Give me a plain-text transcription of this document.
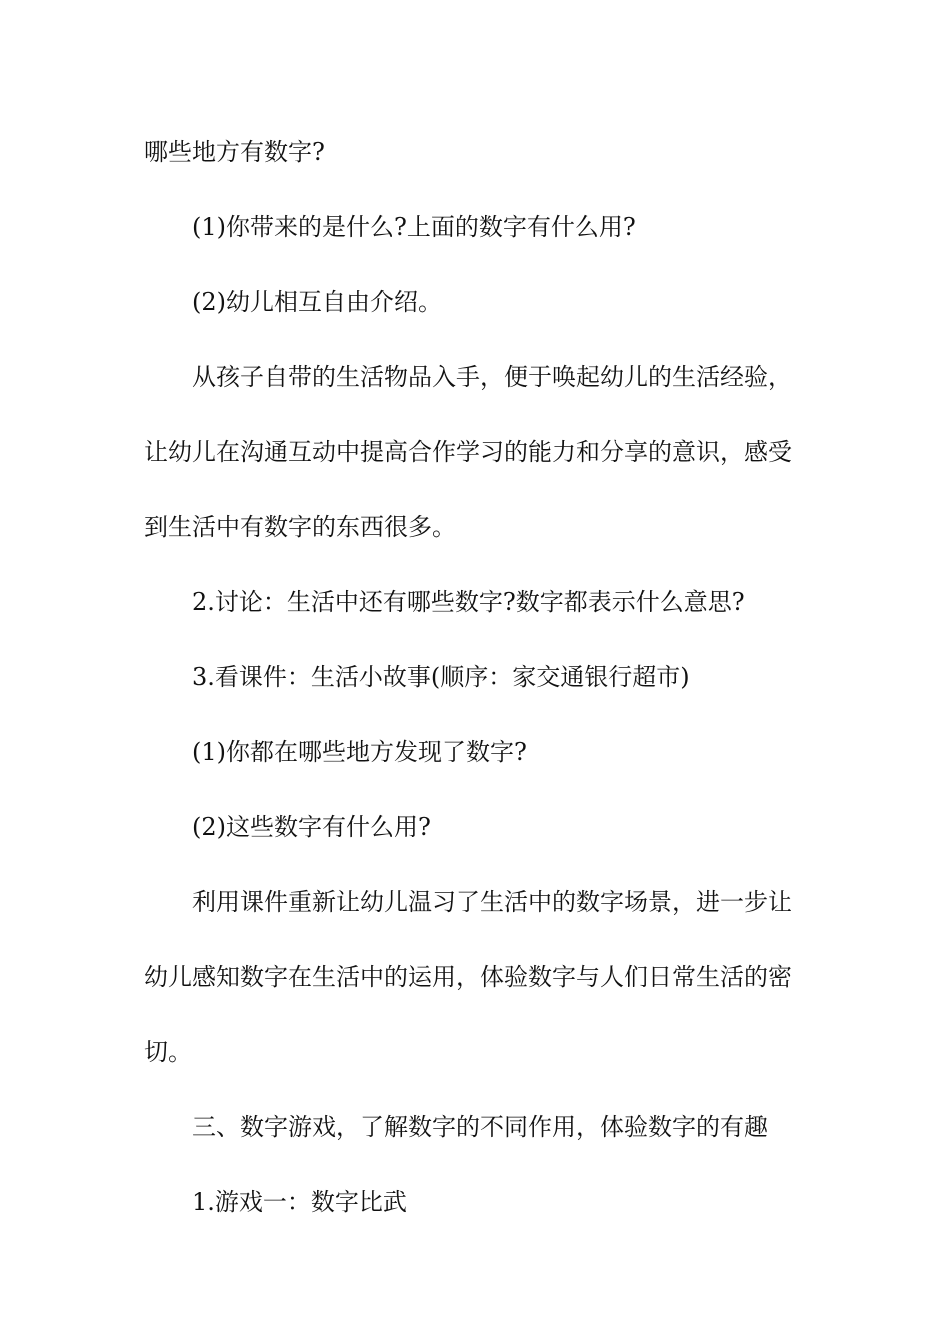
哪些地方有数字?

(1)你带来的是什么?上面的数字有什么用?

(2)幼儿相互自由介绍。

从孩子自带的生活物品入手，便于唤起幼儿的生活经验，

让幼儿在沟通互动中提高合作学习的能力和分享的意识，感受

到生活中有数字的东西很多。

2.讨论：生活中还有哪些数字?数字都表示什么意思?

3.看课件：生活小故事(顺序：家交通银行超市)

(1)你都在哪些地方发现了数字?

(2)这些数字有什么用?

利用课件重新让幼儿温习了生活中的数字场景，进一步让

幼儿感知数字在生活中的运用，体验数字与人们日常生活的密

切。

三、数字游戏，了解数字的不同作用，体验数字的有趣

1.游戏一：数字比武
